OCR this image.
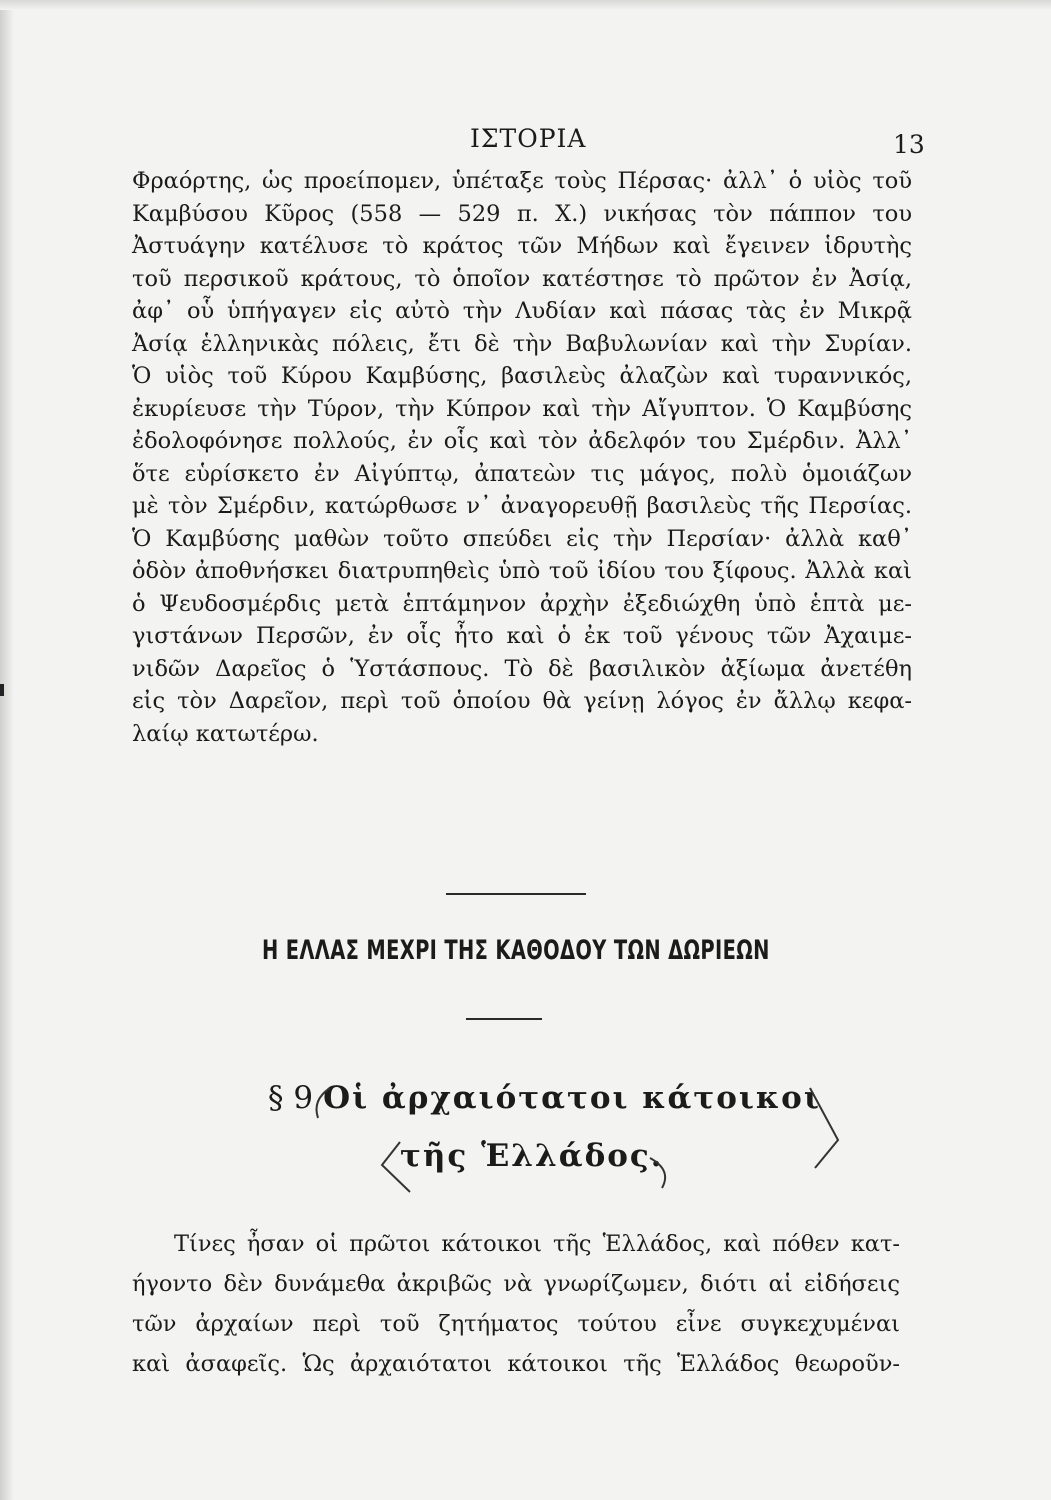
ΙΣΤΟΡΙΑ	13
Φραόρτης, ὡς προείπομεν, ὑπέταξε τοὺς Πέρσας· ἀλλ᾿ ὁ υἱὸς τοῦ
Καμβύσου Κῦρος (558 — 529 π. Χ.) νικήσας τὸν πάππον του
Ἀστυάγην κατέλυσε τὸ κράτος τῶν Μήδων καὶ ἔγεινεν ἱδρυτὴς
τοῦ περσικοῦ κράτους, τὸ ὁποῖον κατέστησε τὸ πρῶτον ἐν Ἀσίᾳ,
ἀφ᾿ οὗ ὑπήγαγεν εἰς αὐτὸ τὴν Λυδίαν καὶ πάσας τὰς ἐν Μικρᾷ
Ἀσίᾳ ἑλληνικὰς πόλεις, ἔτι δὲ τὴν Βαβυλωνίαν καὶ τὴν Συρίαν.
Ὁ υἱὸς τοῦ Κύρου Καμβύσης, βασιλεὺς ἀλαζὼν καὶ τυραννικός,
ἐκυρίευσε τὴν Τύρον, τὴν Κύπρον καὶ τὴν Αἴγυπτον. Ὁ Καμβύσης
ἐδολοφόνησε πολλούς, ἐν οἷς καὶ τὸν ἀδελφόν του Σμέρδιν. Ἀλλ᾿
ὅτε εὑρίσκετο ἐν Αἰγύπτῳ, ἀπατεὼν τις μάγος, πολὺ ὁμοιάζων
μὲ τὸν Σμέρδιν, κατώρθωσε ν᾿ ἀναγορευθῇ βασιλεὺς τῆς Περσίας.
Ὁ Καμβύσης μαθὼν τοῦτο σπεύδει εἰς τὴν Περσίαν· ἀλλὰ καθ᾿
ὁδὸν ἀποθνήσκει διατρυπηθεὶς ὑπὸ τοῦ ἰδίου του ξίφους. Ἀλλὰ καὶ
ὁ Ψευδοσμέρδις μετὰ ἑπτάμηνον ἀρχὴν ἐξεδιώχθη ὑπὸ ἑπτὰ με-
γιστάνων Περσῶν, ἐν οἷς ἦτο καὶ ὁ ἐκ τοῦ γένους τῶν Ἀχαιμε-
νιδῶν Δαρεῖος ὁ Ὑστάσπους. Τὸ δὲ βασιλικὸν ἀξίωμα ἀνετέθη
εἰς τὸν Δαρεῖον, περὶ τοῦ ὁποίου θὰ γείνῃ λόγος ἐν ἄλλῳ κεφα-
λαίῳ κατωτέρω.
Η ΕΛΛΑΣ ΜΕΧΡΙ ΤΗΣ ΚΑΘΟΔΟΥ ΤΩΝ ΔΩΡΙΕΩΝ
§ 9 Οἱ ἀρχαιότατοι κάτοικοι
τῆς Ἑλλάδος.
Τίνες ἦσαν οἱ πρῶτοι κάτοικοι τῆς Ἑλλάδος, καὶ πόθεν κατ-
ήγοντο δὲν δυνάμεθα ἀκριβῶς νὰ γνωρίζωμεν, διότι αἱ εἰδήσεις
τῶν ἀρχαίων περὶ τοῦ ζητήματος τούτου εἶνε συγκεχυμέναι
καὶ ἀσαφεῖς. Ὡς ἀρχαιότατοι κάτοικοι τῆς Ἑλλάδος θεωροῦν-
